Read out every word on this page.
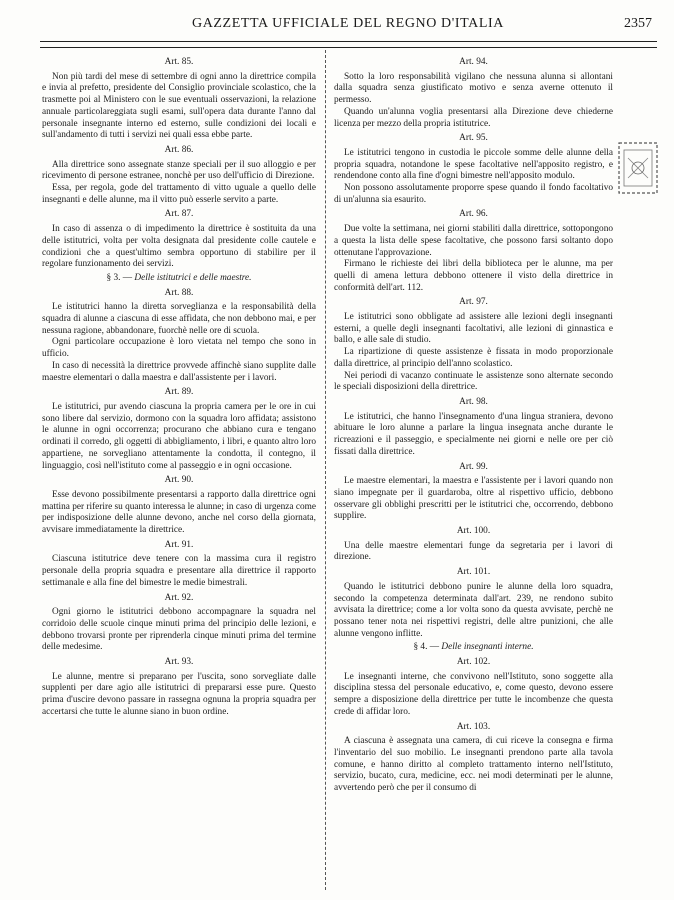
GAZZETTA UFFICIALE DEL REGNO D'ITALIA	2357
Art. 85.

Non più tardi del mese di settembre di ogni anno la direttrice compila e invia al prefetto, presidente del Consiglio provinciale scolastico, che la trasmette poi al Ministero con le sue eventuali osservazioni, la relazione annuale particolareggiata sugli esami, sull'opera data durante l'anno dal personale insegnante interno ed esterno, sulle condizioni dei locali e sull'andamento di tutti i servizi nei quali essa ebbe parte.

Art. 86.

Alla direttrice sono assegnate stanze speciali per il suo alloggio e per ricevimento di persone estranee, nonchè per uso dell'ufficio di Direzione.

Essa, per regola, gode del trattamento di vitto uguale a quello delle insegnanti e delle alunne, ma il vitto può esserle servito a parte.

Art. 87.

In caso di assenza o di impedimento la direttrice è sostituita da una delle istitutrici, volta per volta designata dal presidente colle cautele e condizioni che a quest'ultimo sembra opportuno di stabilire per il regolare funzionamento dei servizi.

§ 3. — Delle istitutrici e delle maestre.
Art. 88.

Le istitutrici hanno la diretta sorveglianza e la responsabilità della squadra di alunne a ciascuna di esse affidata, che non debbono mai, e per nessuna ragione, abbandonare, fuorchè nelle ore di scuola.

Ogni particolare occupazione è loro vietata nel tempo che sono in ufficio.

In caso di necessità la direttrice provvede affinchè siano supplite dalle maestre elementari o dalla maestra e dall'assistente per i lavori.

Art. 89.

Le istitutrici, pur avendo ciascuna la propria camera per le ore in cui sono libere dal servizio, dormono con la squadra loro affidata; assistono le alunne in ogni occorrenza; procurano che abbiano cura e tengano ordinati il corredo, gli oggetti di abbigliamento, i libri, e quanto altro loro appartiene, ne sorvegliano attentamente la condotta, il contegno, il linguaggio, così nell'istituto come al passeggio e in ogni occasione.

Art. 90.

Esse devono possibilmente presentarsi a rapporto dalla direttrice ogni mattina per riferire su quanto interessa le alunne; in caso di urgenza come per indisposizione delle alunne devono, anche nel corso della giornata, avvisare immediatamente la direttrice.

Art. 91.

Ciascuna istitutrice deve tenere con la massima cura il registro personale della propria squadra e presentare alla direttrice il rapporto settimanale e alla fine del bimestre le medie bimestrali.

Art. 92.

Ogni giorno le istitutrici debbono accompagnare la squadra nel corridoio delle scuole cinque minuti prima del principio delle lezioni, e debbono trovarsi pronte per riprenderla cinque minuti prima del termine delle medesime.

Art. 93.

Le alunne, mentre si preparano per l'uscita, sono sorvegliate dalle supplenti per dare agio alle istitutrici di prepararsi esse pure. Questo prima d'uscire devono passare in rassegna ognuna la propria squadra per accertarsi che tutte le alunne siano in buon ordine.

Art. 94.

Sotto la loro responsabilità vigilano che nessuna alunna si allontani dalla squadra senza giustificato motivo e senza averne ottenuto il permesso.

Quando un'alunna voglia presentarsi alla Direzione deve chiederne licenza per mezzo della propria istitutrice.

Art. 95.

Le istitutrici tengono in custodia le piccole somme delle alunne della propria squadra, notandone le spese facoltative nell'apposito registro, e rendendone conto alla fine d'ogni bimestre nell'apposito modulo.

Non possono assolutamente proporre spese quando il fondo facoltativo di un'alunna sia esaurito.

Art. 96.

Due volte la settimana, nei giorni stabiliti dalla direttrice, sottopongono a questa la lista delle spese facoltative, che possono farsi soltanto dopo ottenutane l'approvazione.

Firmano le richieste dei libri della biblioteca per le alunne, ma per quelli di amena lettura debbono ottenere il visto della direttrice in conformità dell'art. 112.

Art. 97.

Le istitutrici sono obbligate ad assistere alle lezioni degli insegnanti esterni, a quelle degli insegnanti facoltativi, alle lezioni di ginnastica e ballo, e alle sale di studio.

La ripartizione di queste assistenze è fissata in modo proporzionale dalla direttrice, al principio dell'anno scolastico.

Nei periodi di vacanzo continuate le assistenze sono alternate secondo le speciali disposizioni della direttrice.

Art. 98.

Le istitutrici, che hanno l'insegnamento d'una lingua straniera, devono abituare le loro alunne a parlare la lingua insegnata anche durante le ricreazioni e il passeggio, e specialmente nei giorni e nelle ore per ciò fissati dalla direttrice.

Art. 99.

Le maestre elementari, la maestra e l'assistente per i lavori quando non siano impegnate per il guardaroba, oltre al rispettivo ufficio, debbono osservare gli obblighi prescritti per le istitutrici che, occorrendo, debbono supplire.

Art. 100.

Una delle maestre elementari funge da segretaria per i lavori di direzione.

Art. 101.

Quando le istitutrici debbono punire le alunne della loro squadra, secondo la competenza determinata dall'art. 239, ne rendono subito avvisata la direttrice; come a lor volta sono da questa avvisate, perchè ne possano tener nota nei rispettivi registri, delle altre punizioni, che alle alunne vengono inflitte.

§ 4. — Delle insegnanti interne.
Art. 102.

Le insegnanti interne, che convivono nell'Istituto, sono soggette alla disciplina stessa del personale educativo, e, come questo, devono essere sempre a disposizione della direttrice per tutte le incombenze che questa crede di affidar loro.

Art. 103.

A ciascuna è assegnata una camera, di cui riceve la consegna e firma l'inventario del suo mobilio. Le insegnanti prendono parte alla tavola comune, e hanno diritto al completo trattamento interno nell'Istituto, servizio, bucato, cura, medicine, ecc. nei modi determinati per le alunne, avvertendo però che per il consumo di
